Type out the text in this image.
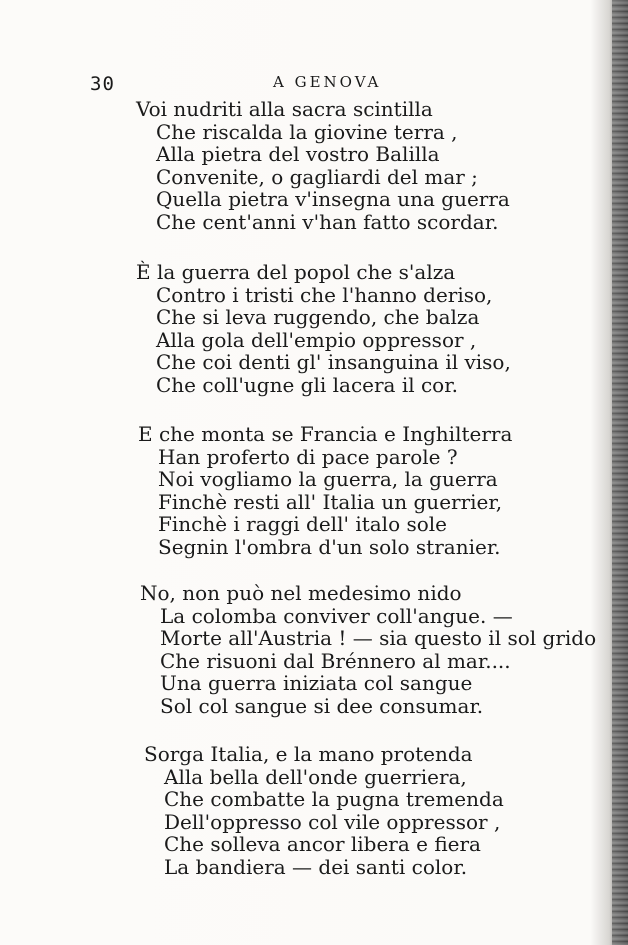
30	A GENOVA
Voi nudriti alla sacra scintilla
Che riscalda la giovine terra ,
Alla pietra del vostro Balilla
Convenite, o gagliardi del mar ;
Quella pietra v'insegna una guerra
Che cent'anni v'han fatto scordar.
È la guerra del popol che s'alza
Contro i tristi che l'hanno deriso,
Che si leva ruggendo, che balza
Alla gola dell'empio oppressor ,
Che coi denti gl' insanguina il viso,
Che coll'ugne gli lacera il cor.
E che monta se Francia e Inghilterra
Han proferto di pace parole ?
Noi vogliamo la guerra, la guerra
Finchè resti all' Italia un guerrier,
Finchè i raggi dell' italo sole
Segnin l'ombra d'un solo stranier.
No, non può nel medesimo nido
La colomba conviver coll'angue. —
Morte all'Austria ! — sia questo il sol grido
Che risuoni dal Brénnero al mar....
Una guerra iniziata col sangue
Sol col sangue si dee consumar.
Sorga Italia, e la mano protenda
Alla bella dell'onde guerriera,
Che combatte la pugna tremenda
Dell'oppresso col vile oppressor ,
Che solleva ancor libera e fiera
La bandiera — dei santi color.
